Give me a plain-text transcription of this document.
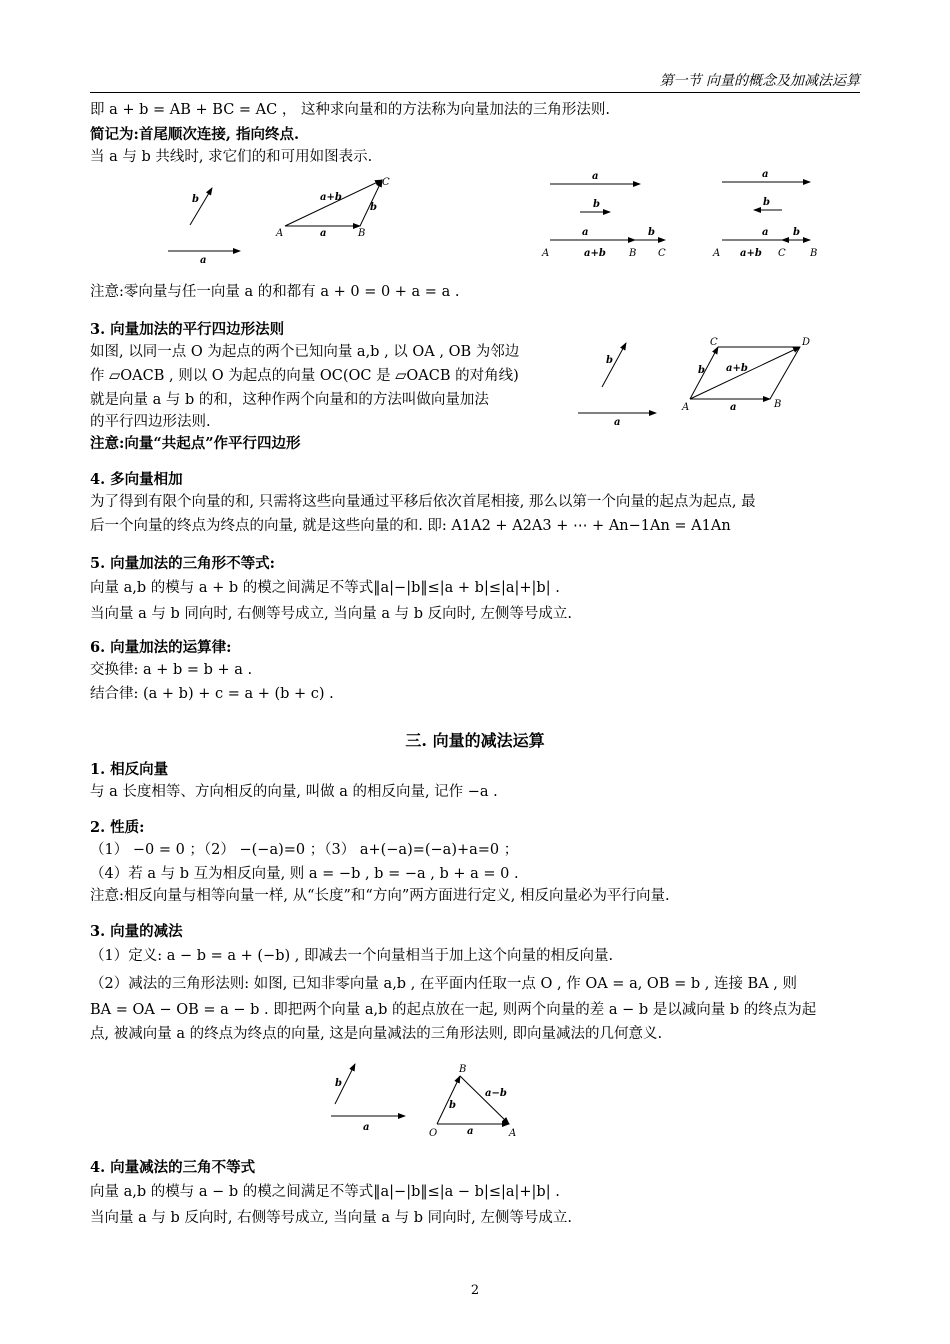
第一节 向量的概念及加减法运算
即 a + b = AB + BC = AC ， 这种求向量和的方法称为向量加法的三角形法则.
简记为:首尾顺次连接, 指向终点.
当 a 与 b 共线时, 求它们的和可用如图表示.
b
a
A	B
C
a+b
a
b
a
b
a	b
A	a+b B C
a
b
a b
A a+b C B
注意:零向量与任一向量 a 的和都有 a + 0 = 0 + a = a .
3. 向量加法的平行四边形法则
如图, 以同一点 O 为起点的两个已知向量 a,b , 以 OA , OB 为邻边
作 ▱OACB , 则以 O 为起点的向量 OC(OC 是 ▱OACB 的对角线)
就是向量 a 与 b 的和，这种作两个向量和的方法叫做向量加法
的平行四边形法则.
注意:向量“共起点”作平行四边形
b
a
A	B
C	D
a+b
a
b
4. 多向量相加
为了得到有限个向量的和, 只需将这些向量通过平移后依次首尾相接, 那么以第一个向量的起点为起点, 最
后一个向量的终点为终点的向量, 就是这些向量的和. 即: A1A2 + A2A3 + ⋯ + An−1An = A1An
5. 向量加法的三角形不等式:
向量 a,b 的模与 a + b 的模之间满足不等式‖a|−|b‖≤|a + b|≤|a|+|b| .
当向量 a 与 b 同向时, 右侧等号成立, 当向量 a 与 b 反向时, 左侧等号成立.
6. 向量加法的运算律:
交换律: a + b = b + a .
结合律: (a + b) + c = a + (b + c) .
三. 向量的减法运算
1. 相反向量
与 a 长度相等、方向相反的向量, 叫做 a 的相反向量, 记作 −a .
2. 性质:
（1） −0 = 0 ；（2） −(−a)=0 ；（3） a+(−a)=(−a)+a=0 ；
（4）若 a 与 b 互为相反向量, 则 a = −b , b = −a , b + a = 0 .
注意:相反向量与相等向量一样, 从“长度”和“方向”两方面进行定义, 相反向量必为平行向量.
3. 向量的减法
（1）定义: a − b = a + (−b) , 即减去一个向量相当于加上这个向量的相反向量.
（2）减法的三角形法则: 如图, 已知非零向量 a,b , 在平面内任取一点 O , 作 OA = a, OB = b , 连接 BA , 则
BA = OA − OB = a − b . 即把两个向量 a,b 的起点放在一起, 则两个向量的差 a − b 是以减向量 b 的终点为起
点, 被减向量 a 的终点为终点的向量, 这是向量减法的三角形法则, 即向量减法的几何意义.
b
a
O	A
B
a−b
a
b
4. 向量减法的三角不等式
向量 a,b 的模与 a − b 的模之间满足不等式‖a|−|b‖≤|a − b|≤|a|+|b| .
当向量 a 与 b 反向时, 右侧等号成立, 当向量 a 与 b 同向时, 左侧等号成立.
2
